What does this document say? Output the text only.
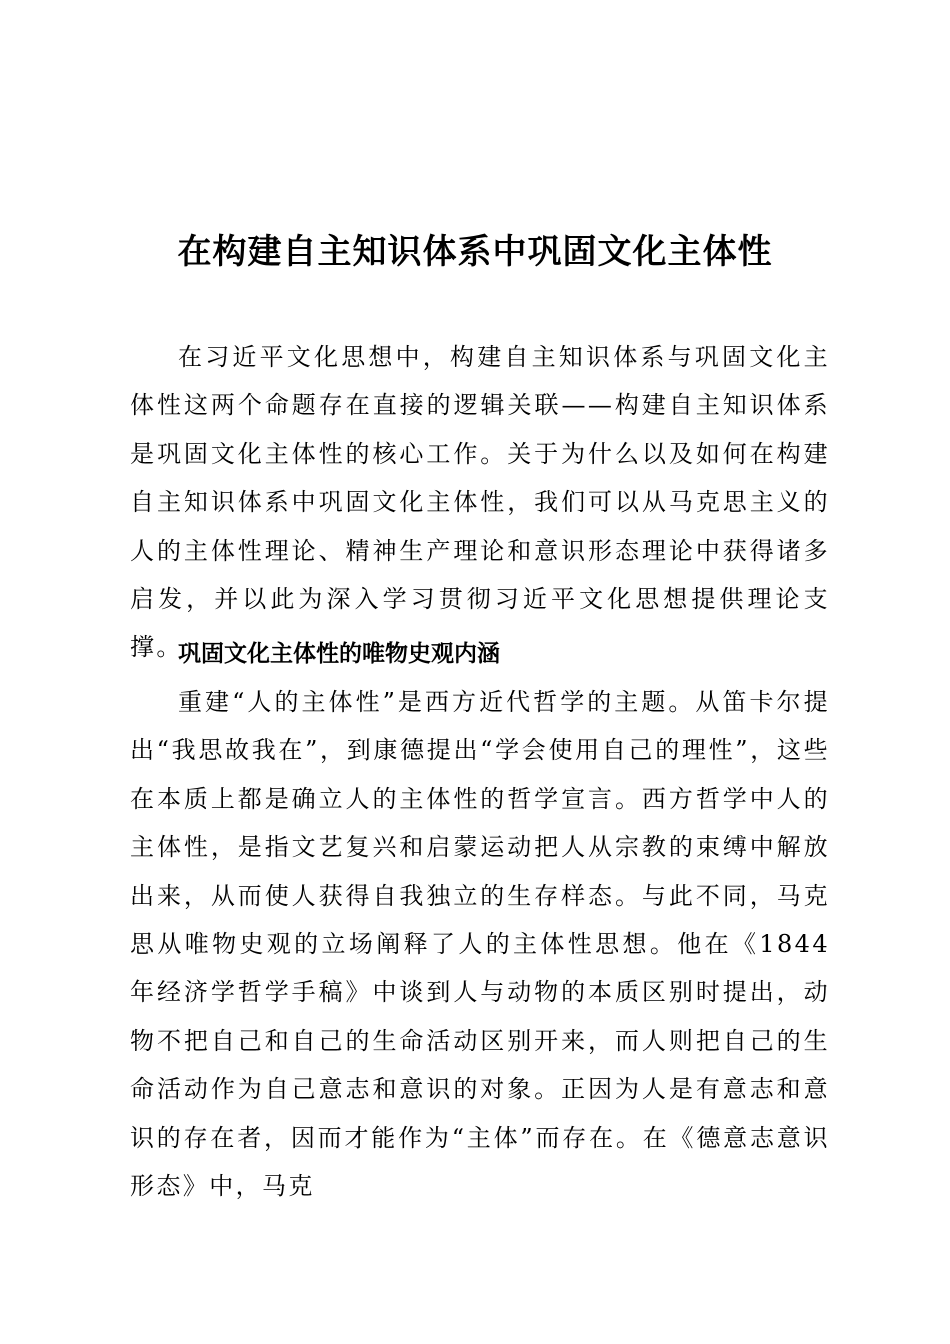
在构建自主知识体系中巩固文化主体性

在习近平文化思想中，构建自主知识体系与巩固文化主体性这两个命题存在直接的逻辑关联——构建自主知识体系是巩固文化主体性的核心工作。关于为什么以及如何在构建自主知识体系中巩固文化主体性，我们可以从马克思主义的人的主体性理论、精神生产理论和意识形态理论中获得诸多启发，并以此为深入学习贯彻习近平文化思想提供理论支撑。

巩固文化主体性的唯物史观内涵

重建“人的主体性”是西方近代哲学的主题。从笛卡尔提出“我思故我在”，到康德提出“学会使用自己的理性”，这些在本质上都是确立人的主体性的哲学宣言。西方哲学中人的主体性，是指文艺复兴和启蒙运动把人从宗教的束缚中解放出来，从而使人获得自我独立的生存样态。与此不同，马克思从唯物史观的立场阐释了人的主体性思想。他在《1844年经济学哲学手稿》中谈到人与动物的本质区别时提出，动物不把自己和自己的生命活动区别开来，而人则把自己的生命活动作为自己意志和意识的对象。正因为人是有意志和意识的存在者，因而才能作为“主体”而存在。在《德意志意识形态》中，马克
